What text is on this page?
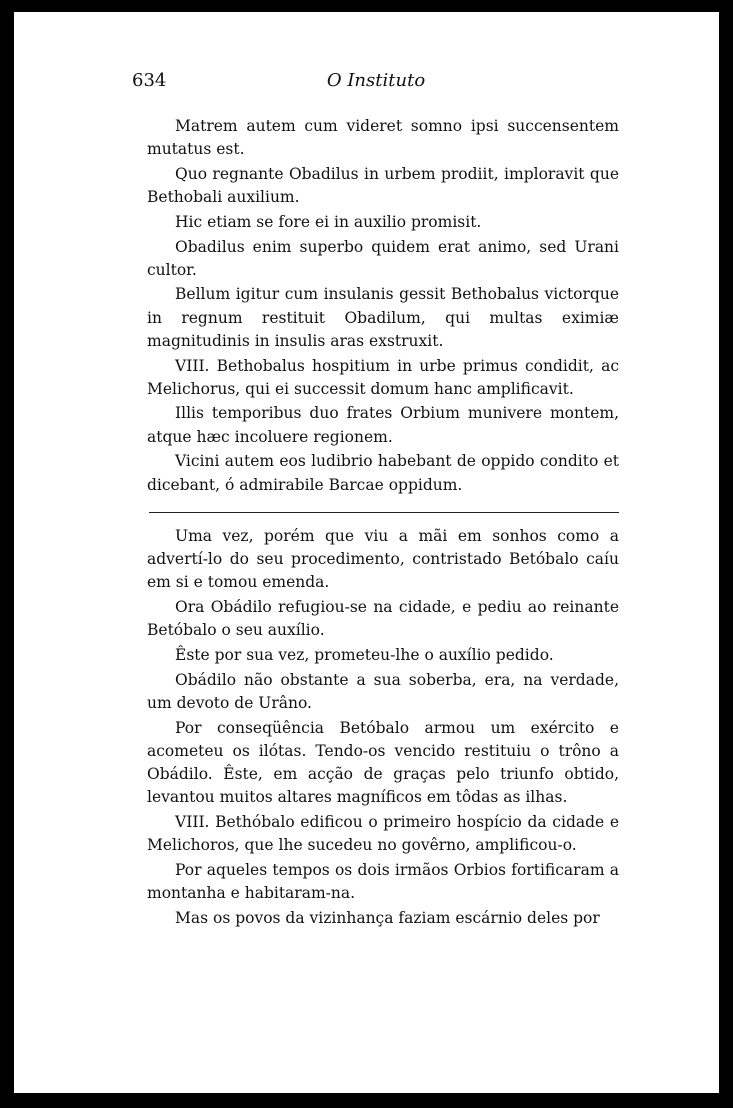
634	O Instituto

Matrem autem cum videret somno ipsi succensentem mutatus est.

Quo regnante Obadilus in urbem prodiit, imploravit que Bethobali auxilium.

Hic etiam se fore ei in auxilio promisit.

Obadilus enim superbo quidem erat animo, sed Urani cultor.

Bellum igitur cum insulanis gessit Bethobalus victorque in regnum restituit Obadilum, qui multas eximiæ magnitudinis in insulis aras exstruxit.

VIII. Bethobalus hospitium in urbe primus condidit, ac Melichorus, qui ei successit domum hanc amplificavit.

Illis temporibus duo frates Orbium munivere montem, atque hæc incoluere regionem.

Vicini autem eos ludibrio habebant de oppido condito et dicebant, ó admirabile Barcae oppidum.

Uma vez, porém que viu a mãi em sonhos como a advertí-lo do seu procedimento, contristado Betóbalo caíu em si e tomou emenda.

Ora Obádilo refugiou-se na cidade, e pediu ao reinante Betóbalo o seu auxílio.

Êste por sua vez, prometeu-lhe o auxílio pedido.

Obádilo não obstante a sua soberba, era, na verdade, um devoto de Urâno.

Por conseqüência Betóbalo armou um exército e acometeu os ilótas. Tendo-os vencido restituiu o trôno a Obádilo. Êste, em acção de graças pelo triunfo obtido, levantou muitos altares magníficos em tôdas as ilhas.

VIII. Bethóbalo edificou o primeiro hospício da cidade e Melichoros, que lhe sucedeu no govêrno, amplificou-o.

Por aqueles tempos os dois irmãos Orbios fortificaram a montanha e habitaram-na.

Mas os povos da vizinhança faziam escárnio deles por
